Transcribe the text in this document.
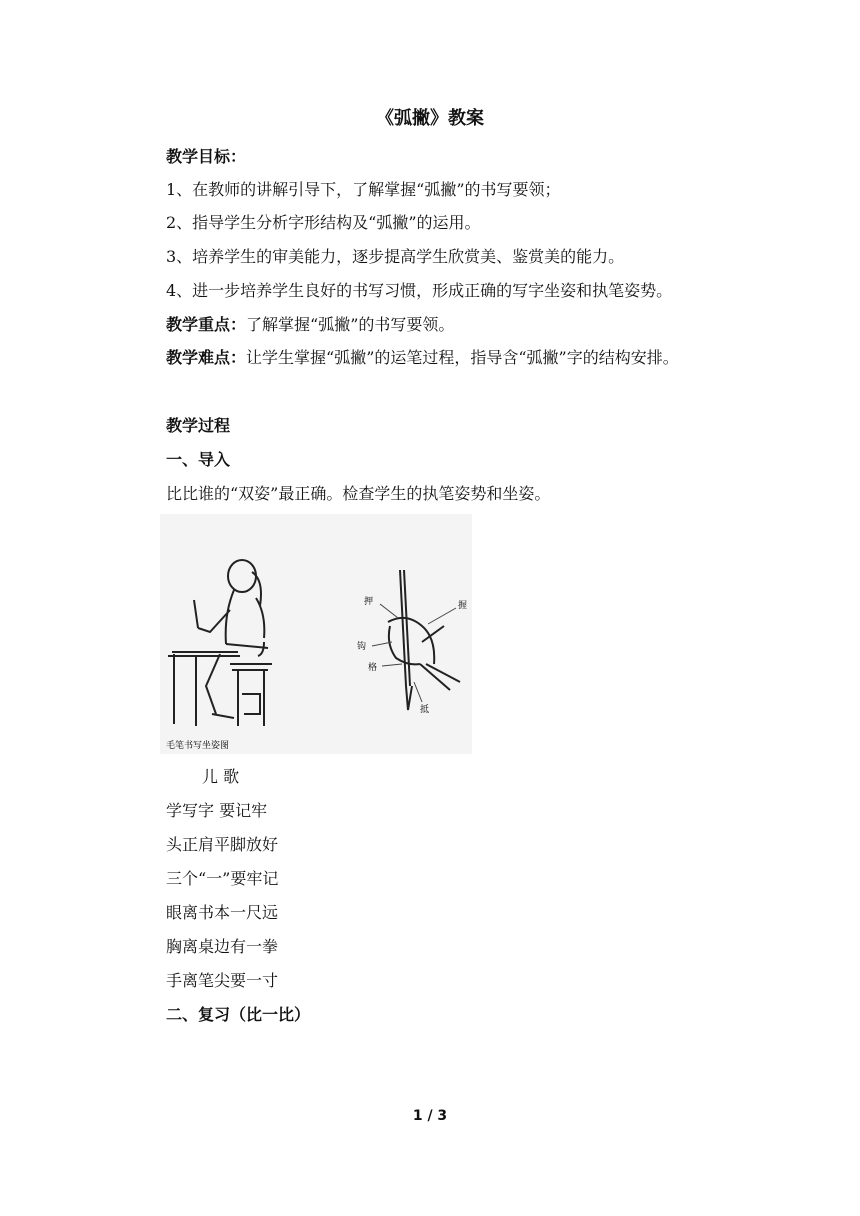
《弧撇》教案
教学目标：
1、在教师的讲解引导下，了解掌握“弧撇”的书写要领；
2、指导学生分析字形结构及“弧撇”的运用。
3、培养学生的审美能力，逐步提高学生欣赏美、鉴赏美的能力。
4、进一步培养学生良好的书写习惯，形成正确的写字坐姿和执笔姿势。
教学重点：了解掌握“弧撇”的书写要领。
教学难点：让学生掌握“弧撇”的运笔过程，指导含“弧撇”字的结构安排。
教学过程
一、导入
比比谁的“双姿”最正确。检查学生的执笔姿势和坐姿。
押
钩
格
抵
握
毛笔书写坐姿图
儿 歌
学写字 要记牢
头正肩平脚放好
三个“一”要牢记
眼离书本一尺远
胸离桌边有一拳
手离笔尖要一寸
二、复习（比一比）
1 / 3
